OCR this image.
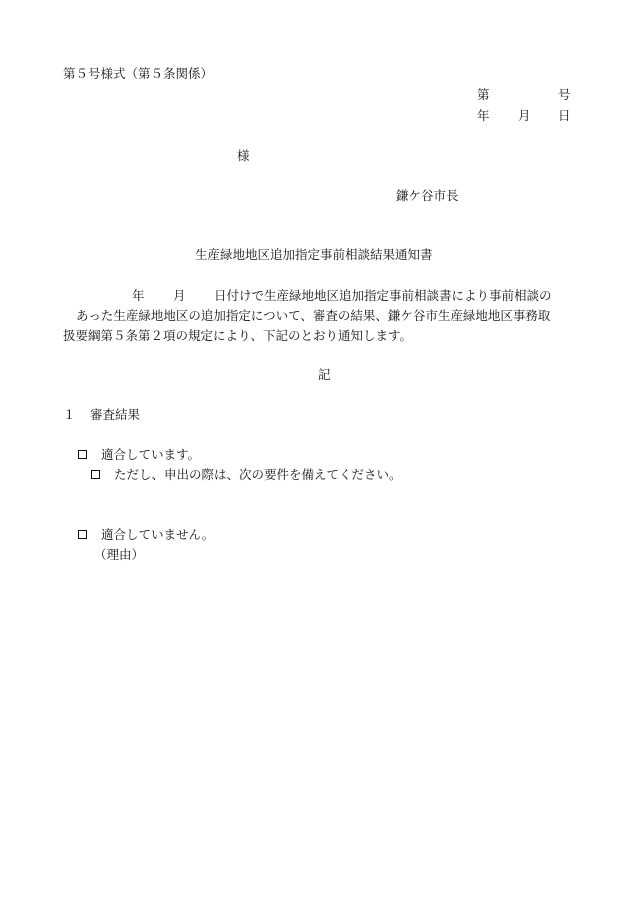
第５号様式（第５条関係）
第	号
年 月 日
様
鎌ケ谷市長
生産緑地地区追加指定事前相談結果通知書
年 月 日付けで生産緑地地区追加指定事前相談書により事前相談の
あった生産緑地地区の追加指定について、審査の結果、鎌ケ谷市生産緑地地区事務取
扱要綱第５条第２項の規定により、下記のとおり通知します。
記
１ 審査結果
適合しています。
ただし、申出の際は、次の要件を備えてください。
適合していません。
（理由）
